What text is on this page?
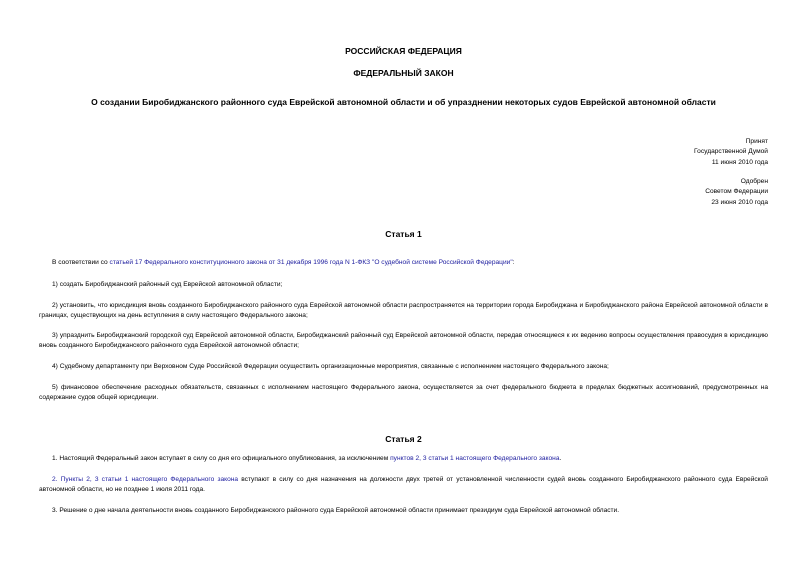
РОССИЙСКАЯ ФЕДЕРАЦИЯ
ФЕДЕРАЛЬНЫЙ ЗАКОН
О создании Биробиджанского районного суда Еврейской автономной области и об упразднении некоторых судов Еврейской автономной области
Принят
Государственной Думой
11 июня 2010 года
Одобрен
Советом Федерации
23 июня 2010 года
Статья 1
В соответствии со статьей 17 Федерального конституционного закона от 31 декабря 1996 года N 1-ФКЗ "О судебной системе Российской Федерации":
1) создать Биробиджанский районный суд Еврейской автономной области;
2) установить, что юрисдикция вновь созданного Биробиджанского районного суда Еврейской автономной области распространяется на территории города Биробиджана и Биробиджанского района Еврейской автономной области в границах, существующих на день вступления в силу настоящего Федерального закона;
3) упразднить Биробиджанский городской суд Еврейской автономной области, Биробиджанский районный суд Еврейской автономной области, передав относящиеся к их ведению вопросы осуществления правосудия в юрисдикцию вновь созданного Биробиджанского районного суда Еврейской автономной области;
4) Судебному департаменту при Верховном Суде Российской Федерации осуществить организационные мероприятия, связанные с исполнением настоящего Федерального закона;
5) финансовое обеспечение расходных обязательств, связанных с исполнением настоящего Федерального закона, осуществляется за счет федерального бюджета в пределах бюджетных ассигнований, предусмотренных на содержание судов общей юрисдикции.
Статья 2
1. Настоящий Федеральный закон вступает в силу со дня его официального опубликования, за исключением пунктов 2, 3 статьи 1 настоящего Федерального закона.
2. Пункты 2, 3 статьи 1 настоящего Федерального закона вступают в силу со дня назначения на должности двух третей от установленной численности судей вновь созданного Биробиджанского районного суда Еврейской автономной области, но не позднее 1 июля 2011 года.
3. Решение о дне начала деятельности вновь созданного Биробиджанского районного суда Еврейской автономной области принимает президиум суда Еврейской автономной области.
